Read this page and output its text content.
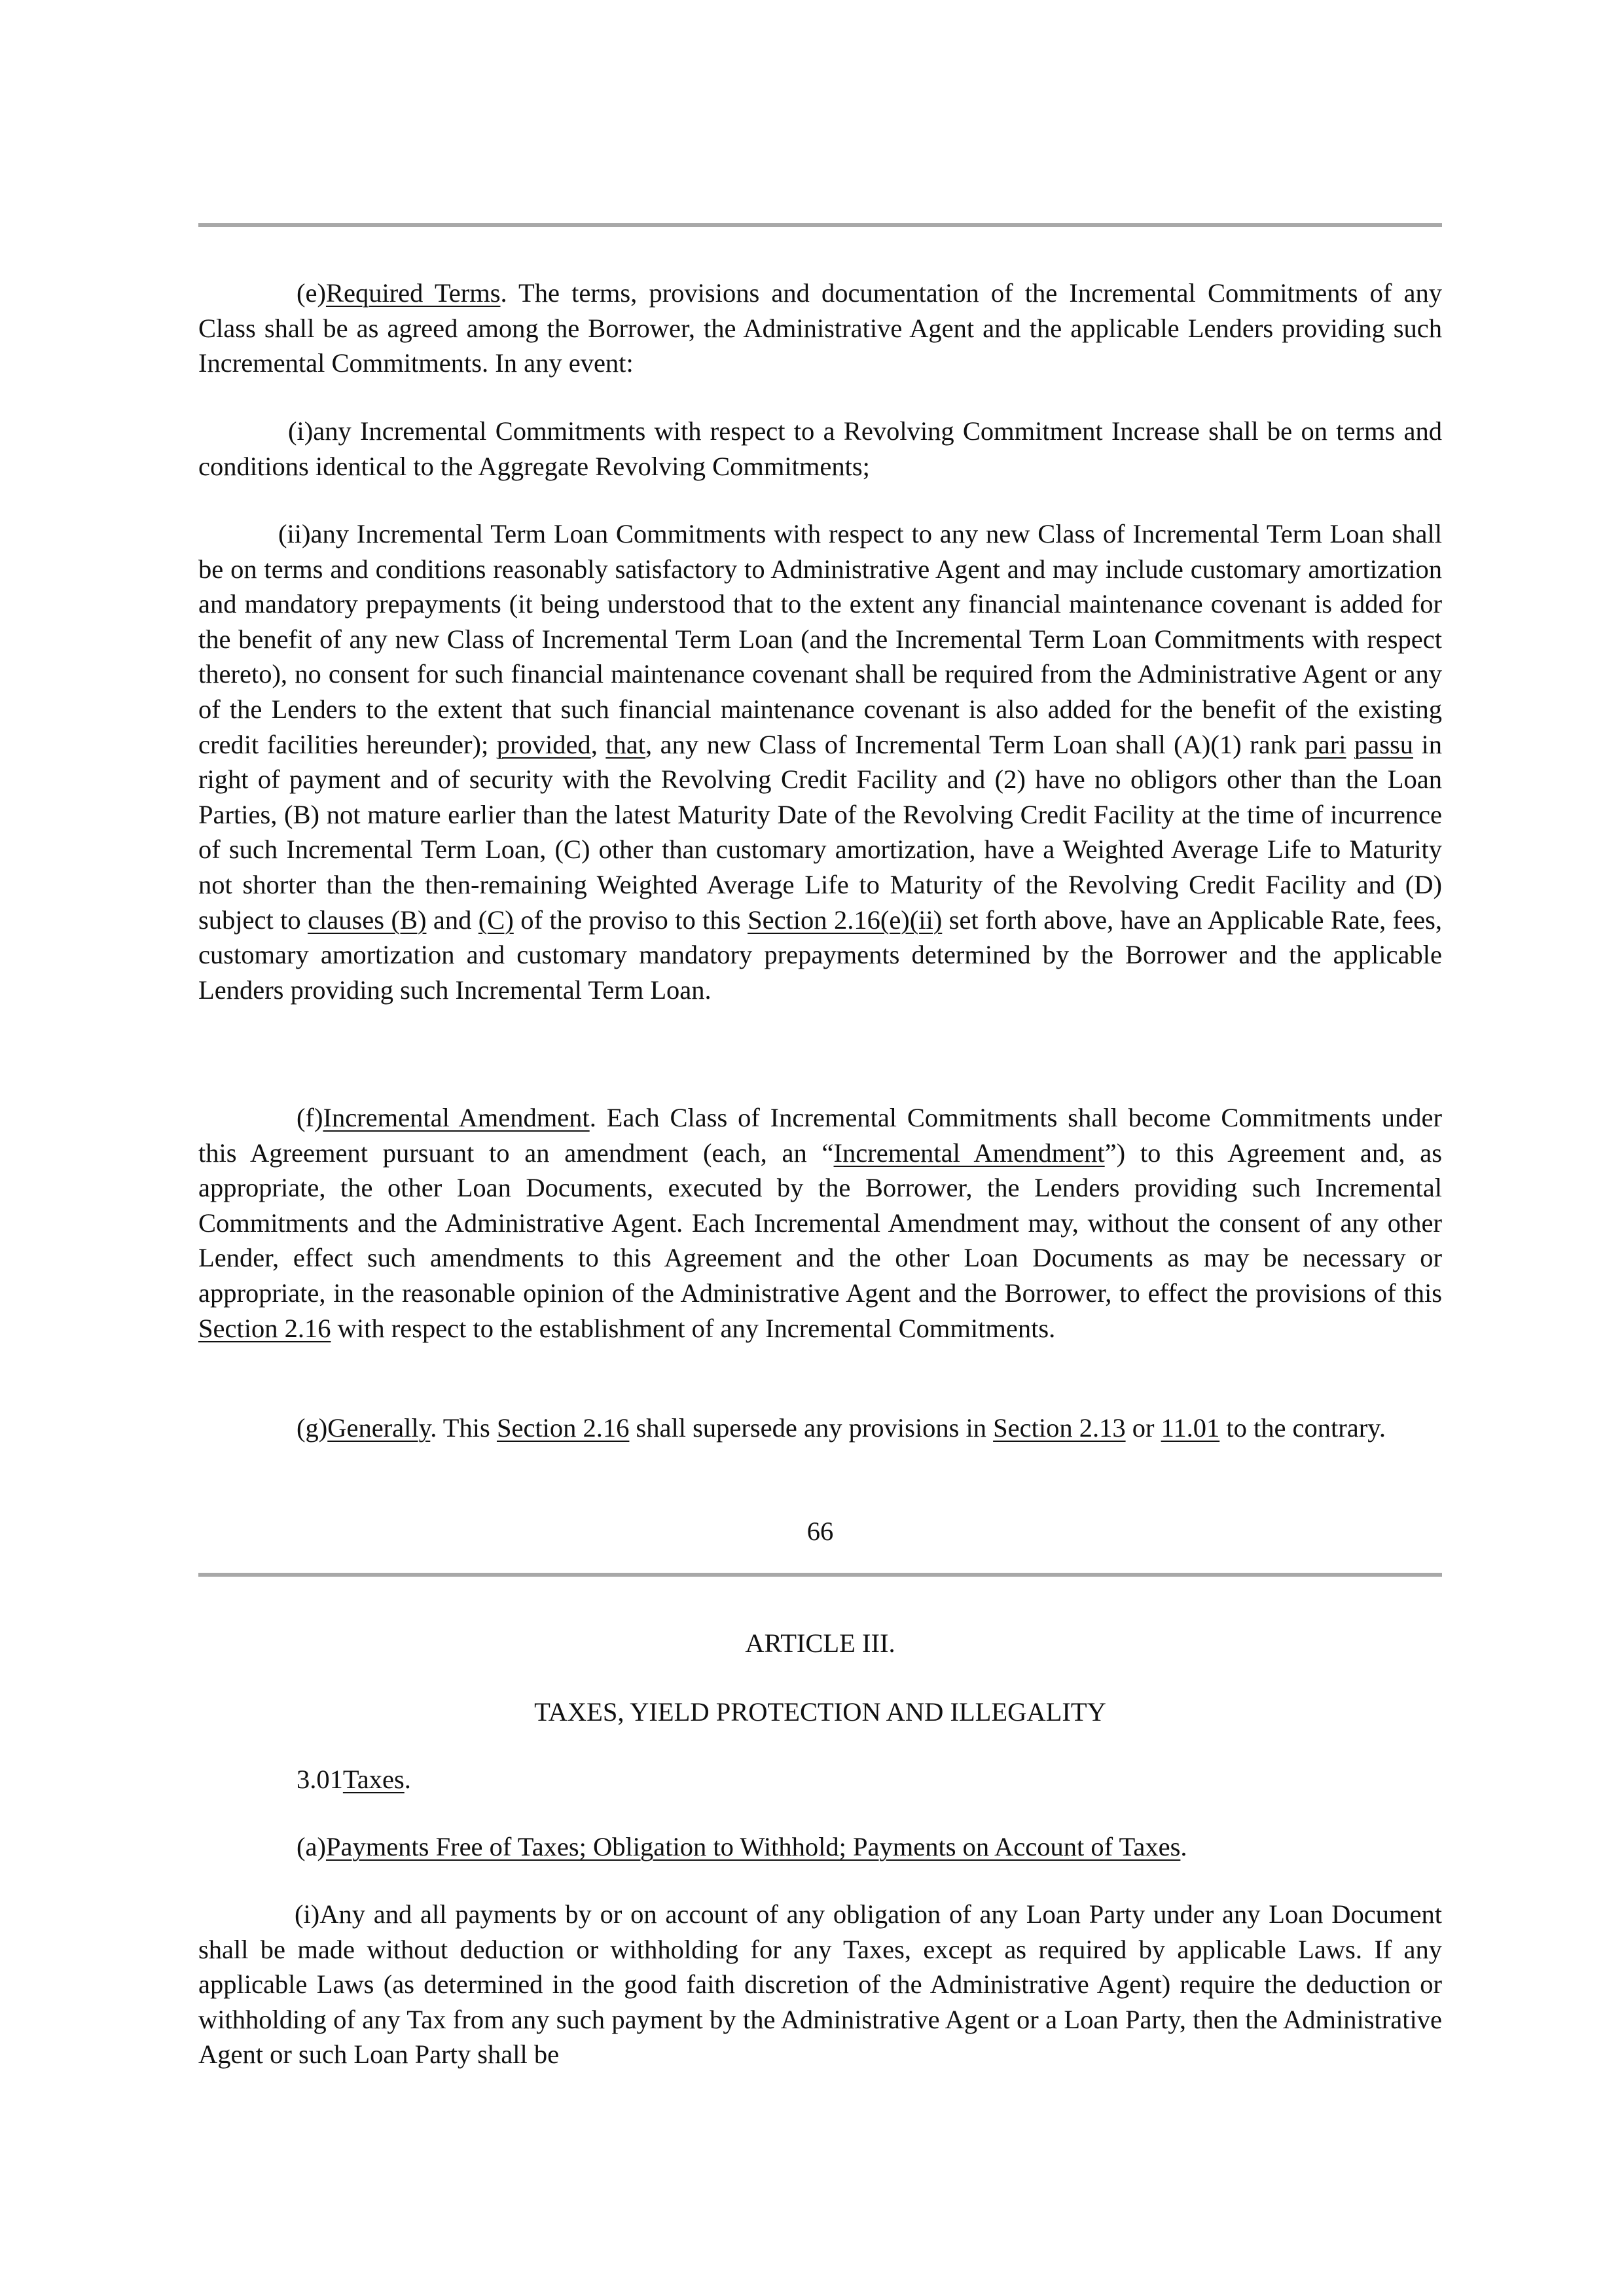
(e)Required Terms. The terms, provisions and documentation of the Incremental Commitments of any Class shall be as agreed among the Borrower, the Administrative Agent and the applicable Lenders providing such Incremental Commitments. In any event:

(i)any Incremental Commitments with respect to a Revolving Commitment Increase shall be on terms and conditions identical to the Aggregate Revolving Commitments;

(ii)any Incremental Term Loan Commitments with respect to any new Class of Incremental Term Loan shall be on terms and conditions reasonably satisfactory to Administrative Agent and may include customary amortization and mandatory prepayments (it being understood that to the extent any financial maintenance covenant is added for the benefit of any new Class of Incremental Term Loan (and the Incremental Term Loan Commitments with respect thereto), no consent for such financial maintenance covenant shall be required from the Administrative Agent or any of the Lenders to the extent that such financial maintenance covenant is also added for the benefit of the existing credit facilities hereunder); provided, that, any new Class of Incremental Term Loan shall (A)(1) rank pari passu in right of payment and of security with the Revolving Credit Facility and (2) have no obligors other than the Loan Parties, (B) not mature earlier than the latest Maturity Date of the Revolving Credit Facility at the time of incurrence of such Incremental Term Loan, (C) other than customary amortization, have a Weighted Average Life to Maturity not shorter than the then-remaining Weighted Average Life to Maturity of the Revolving Credit Facility and (D) subject to clauses (B) and (C) of the proviso to this Section 2.16(e)(ii) set forth above, have an Applicable Rate, fees, customary amortization and customary mandatory prepayments determined by the Borrower and the applicable Lenders providing such Incremental Term Loan.

(f)Incremental Amendment. Each Class of Incremental Commitments shall become Commitments under this Agreement pursuant to an amendment (each, an “Incremental Amendment”) to this Agreement and, as appropriate, the other Loan Documents, executed by the Borrower, the Lenders providing such Incremental Commitments and the Administrative Agent. Each Incremental Amendment may, without the consent of any other Lender, effect such amendments to this Agreement and the other Loan Documents as may be necessary or appropriate, in the reasonable opinion of the Administrative Agent and the Borrower, to effect the provisions of this Section 2.16 with respect to the establishment of any Incremental Commitments.

(g)Generally. This Section 2.16 shall supersede any provisions in Section 2.13 or 11.01 to the contrary.

66

ARTICLE III.

TAXES, YIELD PROTECTION AND ILLEGALITY

3.01Taxes.

(a)Payments Free of Taxes; Obligation to Withhold; Payments on Account of Taxes.

(i)Any and all payments by or on account of any obligation of any Loan Party under any Loan Document shall be made without deduction or withholding for any Taxes, except as required by applicable Laws. If any applicable Laws (as determined in the good faith discretion of the Administrative Agent) require the deduction or withholding of any Tax from any such payment by the Administrative Agent or a Loan Party, then the Administrative Agent or such Loan Party shall be
